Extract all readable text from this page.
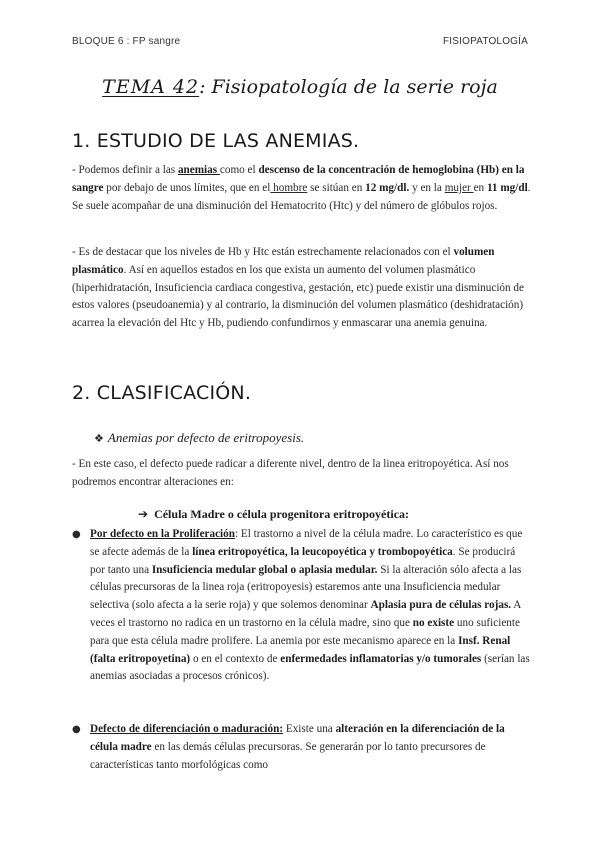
BLOQUE 6 : FP sangre	FISIOPATOLOGÍA
TEMA 42: Fisiopatología de la serie roja
1. ESTUDIO DE LAS ANEMIAS.
- Podemos definir a las anemias como el descenso de la concentración de hemoglobina (Hb) en la sangre por debajo de unos límites, que en el hombre se sitúan en 12 mg/dl. y en la mujer en 11 mg/dl. Se suele acompañar de una disminución del Hematocrito (Htc) y del número de glóbulos rojos.
- Es de destacar que los niveles de Hb y Htc están estrechamente relacionados con el volumen plasmático. Así en aquellos estados en los que exista un aumento del volumen plasmático (hiperhidratación, Insuficiencia cardiaca congestiva, gestación, etc) puede existir una disminución de estos valores (pseudoanemia) y al contrario, la disminución del volumen plasmático (deshidratación) acarrea la elevación del Htc y Hb, pudiendo confundirnos y enmascarar una anemia genuina.
2. CLASIFICACIÓN.
❖ Anemias por defecto de eritropoyesis.
- En este caso, el defecto puede radicar a diferente nivel, dentro de la linea eritropoyética. Así nos podremos encontrar alteraciones en:
➔ Célula Madre o célula progenitora eritropoyética:
● Por defecto en la Proliferación: El trastorno a nivel de la célula madre. Lo característico es que se afecte además de la línea eritropoyética, la leucopoyética y trombopoyética. Se producirá por tanto una Insuficiencia medular global o aplasia medular. Si la alteración sólo afecta a las células precursoras de la linea roja (eritropoyesis) estaremos ante una Insuficiencia medular selectiva (solo afecta a la serie roja) y que solemos denominar Aplasia pura de células rojas. A veces el trastorno no radica en un trastorno en la célula madre, sino que no existe uno suficiente para que esta célula madre prolifere. La anemia por este mecanismo aparece en la Insf. Renal (falta eritropoyetina) o en el contexto de enfermedades inflamatorias y/o tumorales (serían las anemias asociadas a procesos crónicos).
● Defecto de diferenciación o maduración: Existe una alteración en la diferenciación de la célula madre en las demás células precursoras. Se generarán por lo tanto precursores de características tanto morfológicas como
